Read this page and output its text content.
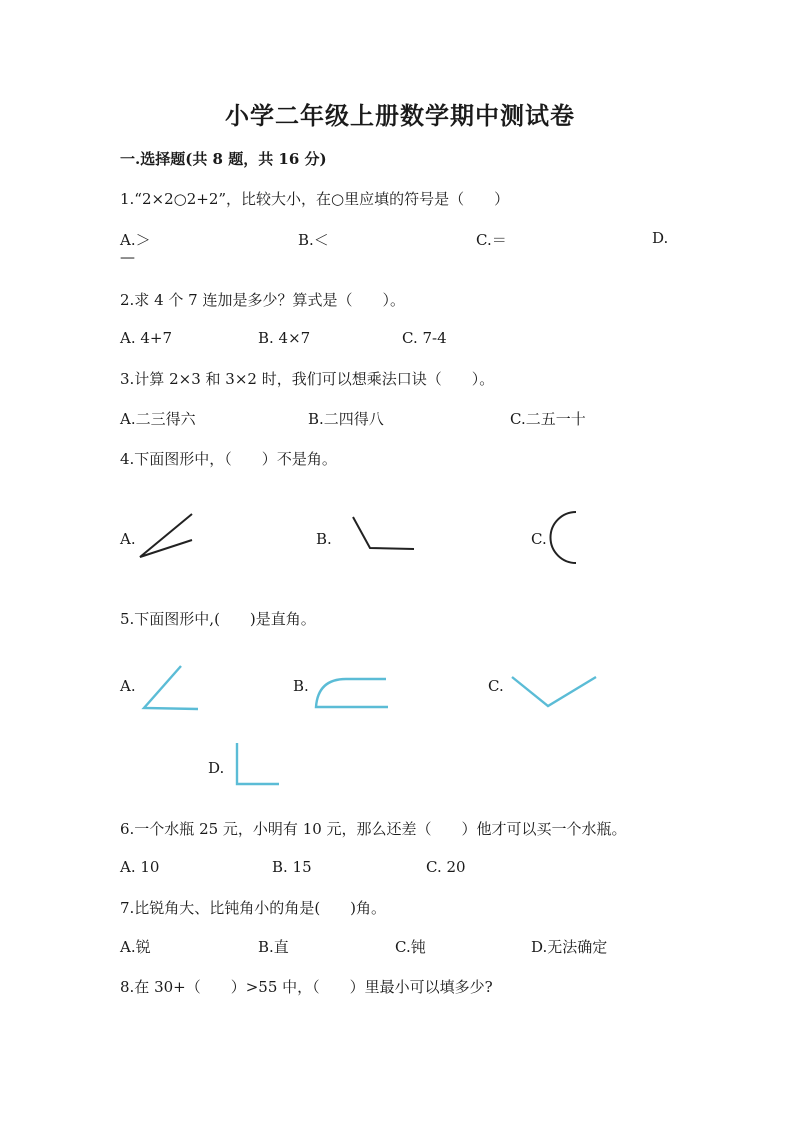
小学二年级上册数学期中测试卷
一.选择题(共 8 题，共 16 分)
1.“2×2○2+2”，比较大小，在○里应填的符号是（　　）
A.＞	B.＜	C.＝	D.
—
2.求 4 个 7 连加是多少？算式是（　　）。
A. 4+7	B. 4×7	C. 7-4
3.计算 2×3 和 3×2 时，我们可以想乘法口诀（　　）。
A.二三得六	B.二四得八	C.二五一十
4.下面图形中，（　　）不是角。
A.	B.	C.
5.下面图形中,(　　)是直角。
A.	B.	C.
D.
6.一个水瓶 25 元，小明有 10 元，那么还差（　　）他才可以买一个水瓶。
A. 10	B. 15	C. 20
7.比锐角大、比钝角小的角是(　　)角。
A.锐	B.直	C.钝	D.无法确定
8.在 30+（　　）>55 中，（　　）里最小可以填多少?
